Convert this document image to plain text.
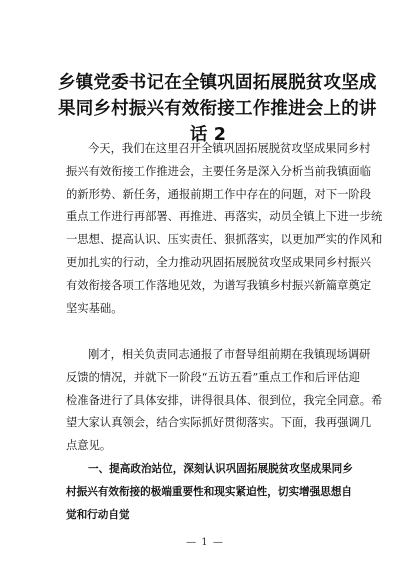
乡镇党委书记在全镇巩固拓展脱贫攻坚成
果同乡村振兴有效衔接工作推进会上的讲
话 2

今天，我们在这里召开全镇巩固拓展脱贫攻坚成果同乡村
振兴有效衔接工作推进会，主要任务是深入分析当前我镇面临
的新形势、新任务，通报前期工作中存在的问题，对下一阶段
重点工作进行再部署、再推进、再落实，动员全镇上下进一步统
一思想、提高认识、压实责任、狠抓落实，以更加严实的作风和
更加扎实的行动，全力推动巩固拓展脱贫攻坚成果同乡村振兴
有效衔接各项工作落地见效，为谱写我镇乡村振兴新篇章奠定
坚实基础。

刚才，相关负责同志通报了市督导组前期在我镇现场调研
反馈的情况，并就下一阶段“五访五看”重点工作和后评估迎
检准备进行了具体安排，讲得很具体、很到位，我完全同意。希
望大家认真领会，结合实际抓好贯彻落实。下面，我再强调几
点意见。

一、提高政治站位，深刻认识巩固拓展脱贫攻坚成果同乡
村振兴有效衔接的极端重要性和现实紧迫性，切实增强思想自
觉和行动自觉

— 1 —
